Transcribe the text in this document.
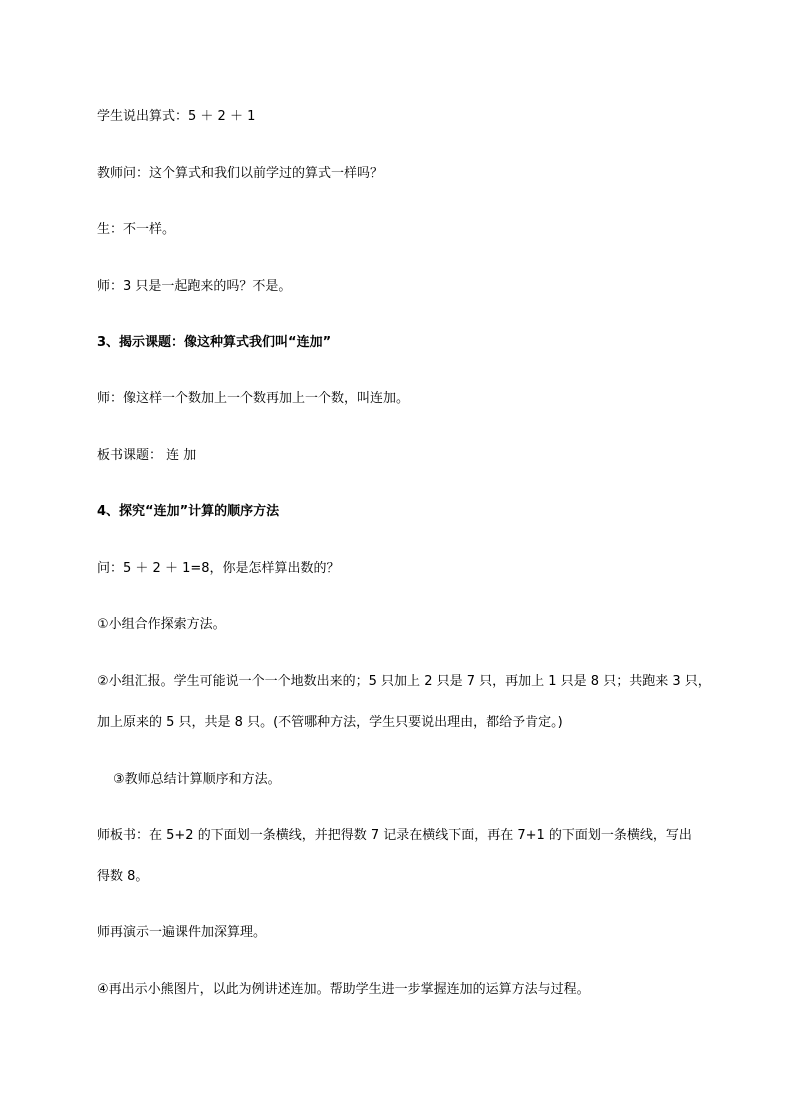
学生说出算式：5 ＋ 2 ＋ 1
教师问：这个算式和我们以前学过的算式一样吗？
生：不一样。
师：3 只是一起跑来的吗？不是。
3、揭示课题：像这种算式我们叫“连加”
师：像这样一个数加上一个数再加上一个数，叫连加。
板书课题： 连 加
4、探究“连加”计算的顺序方法
问：5 ＋ 2 ＋ 1=8，你是怎样算出数的？
①小组合作探索方法。
②小组汇报。学生可能说一个一个地数出来的；5 只加上 2 只是 7 只，再加上 1 只是 8 只；共跑来 3 只，
加上原来的 5 只，共是 8 只。(不管哪种方法，学生只要说出理由，都给予肯定。)
③教师总结计算顺序和方法。
师板书：在 5+2 的下面划一条横线，并把得数 7 记录在横线下面，再在 7+1 的下面划一条横线，写出
得数 8。
师再演示一遍课件加深算理。
④再出示小熊图片，以此为例讲述连加。帮助学生进一步掌握连加的运算方法与过程。
